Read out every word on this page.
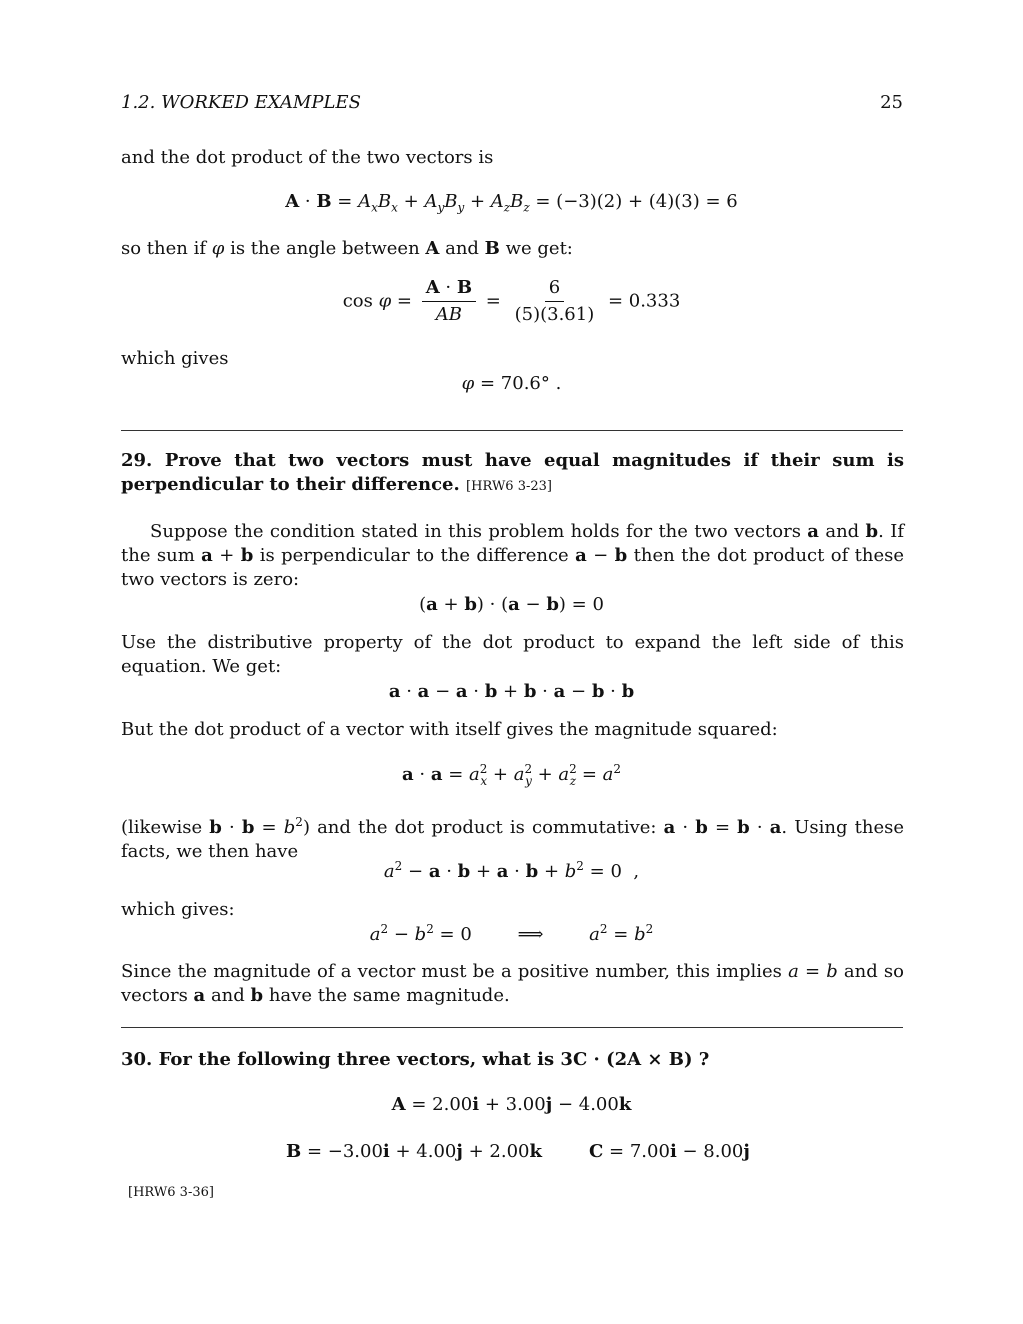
1.2. WORKED EXAMPLES	25
and the dot product of the two vectors is
$A \cdot B = A_xB_x + A_yB_y + A_zB_z = (-3)(2) + (4)(3) = 6$
so then if φ is the angle between A and B we get:
$\cos \varphi = \frac{A \cdot B}{AB} = \frac{6}{(5)(3.61)} = 0.333$
which gives
φ = 70.6° .
29. Prove that two vectors must have equal magnitudes if their sum is perpendicular to their difference. [HRW6 3-23]
Suppose the condition stated in this problem holds for the two vectors a and b. If the sum a + b is perpendicular to the difference a − b then the dot product of these two vectors is zero:
(a + b) · (a − b) = 0
Use the distributive property of the dot product to expand the left side of this equation. We get:
a · a − a · b + b · a − b · b
But the dot product of a vector with itself gives the magnitude squared:
$a \cdot a = a^2_x + a^2_y + a^2_z = a^2$
(likewise $b \cdot b = b^2$) and the dot product is commutative: a · b = b · a. Using these facts, we then have
$a^2 - a \cdot b + a \cdot b + b^2 = 0$  ,
which gives:
$a^2 - b^2 = 0$        ⟹        $a^2 = b^2$
Since the magnitude of a vector must be a positive number, this implies a = b and so vectors a and b have the same magnitude.
30. For the following three vectors, what is 3C · (2A × B) ?
A = 2.00i + 3.00j − 4.00k
B = −3.00i + 4.00j + 2.00k	C = 7.00i − 8.00j
[HRW6 3-36]
